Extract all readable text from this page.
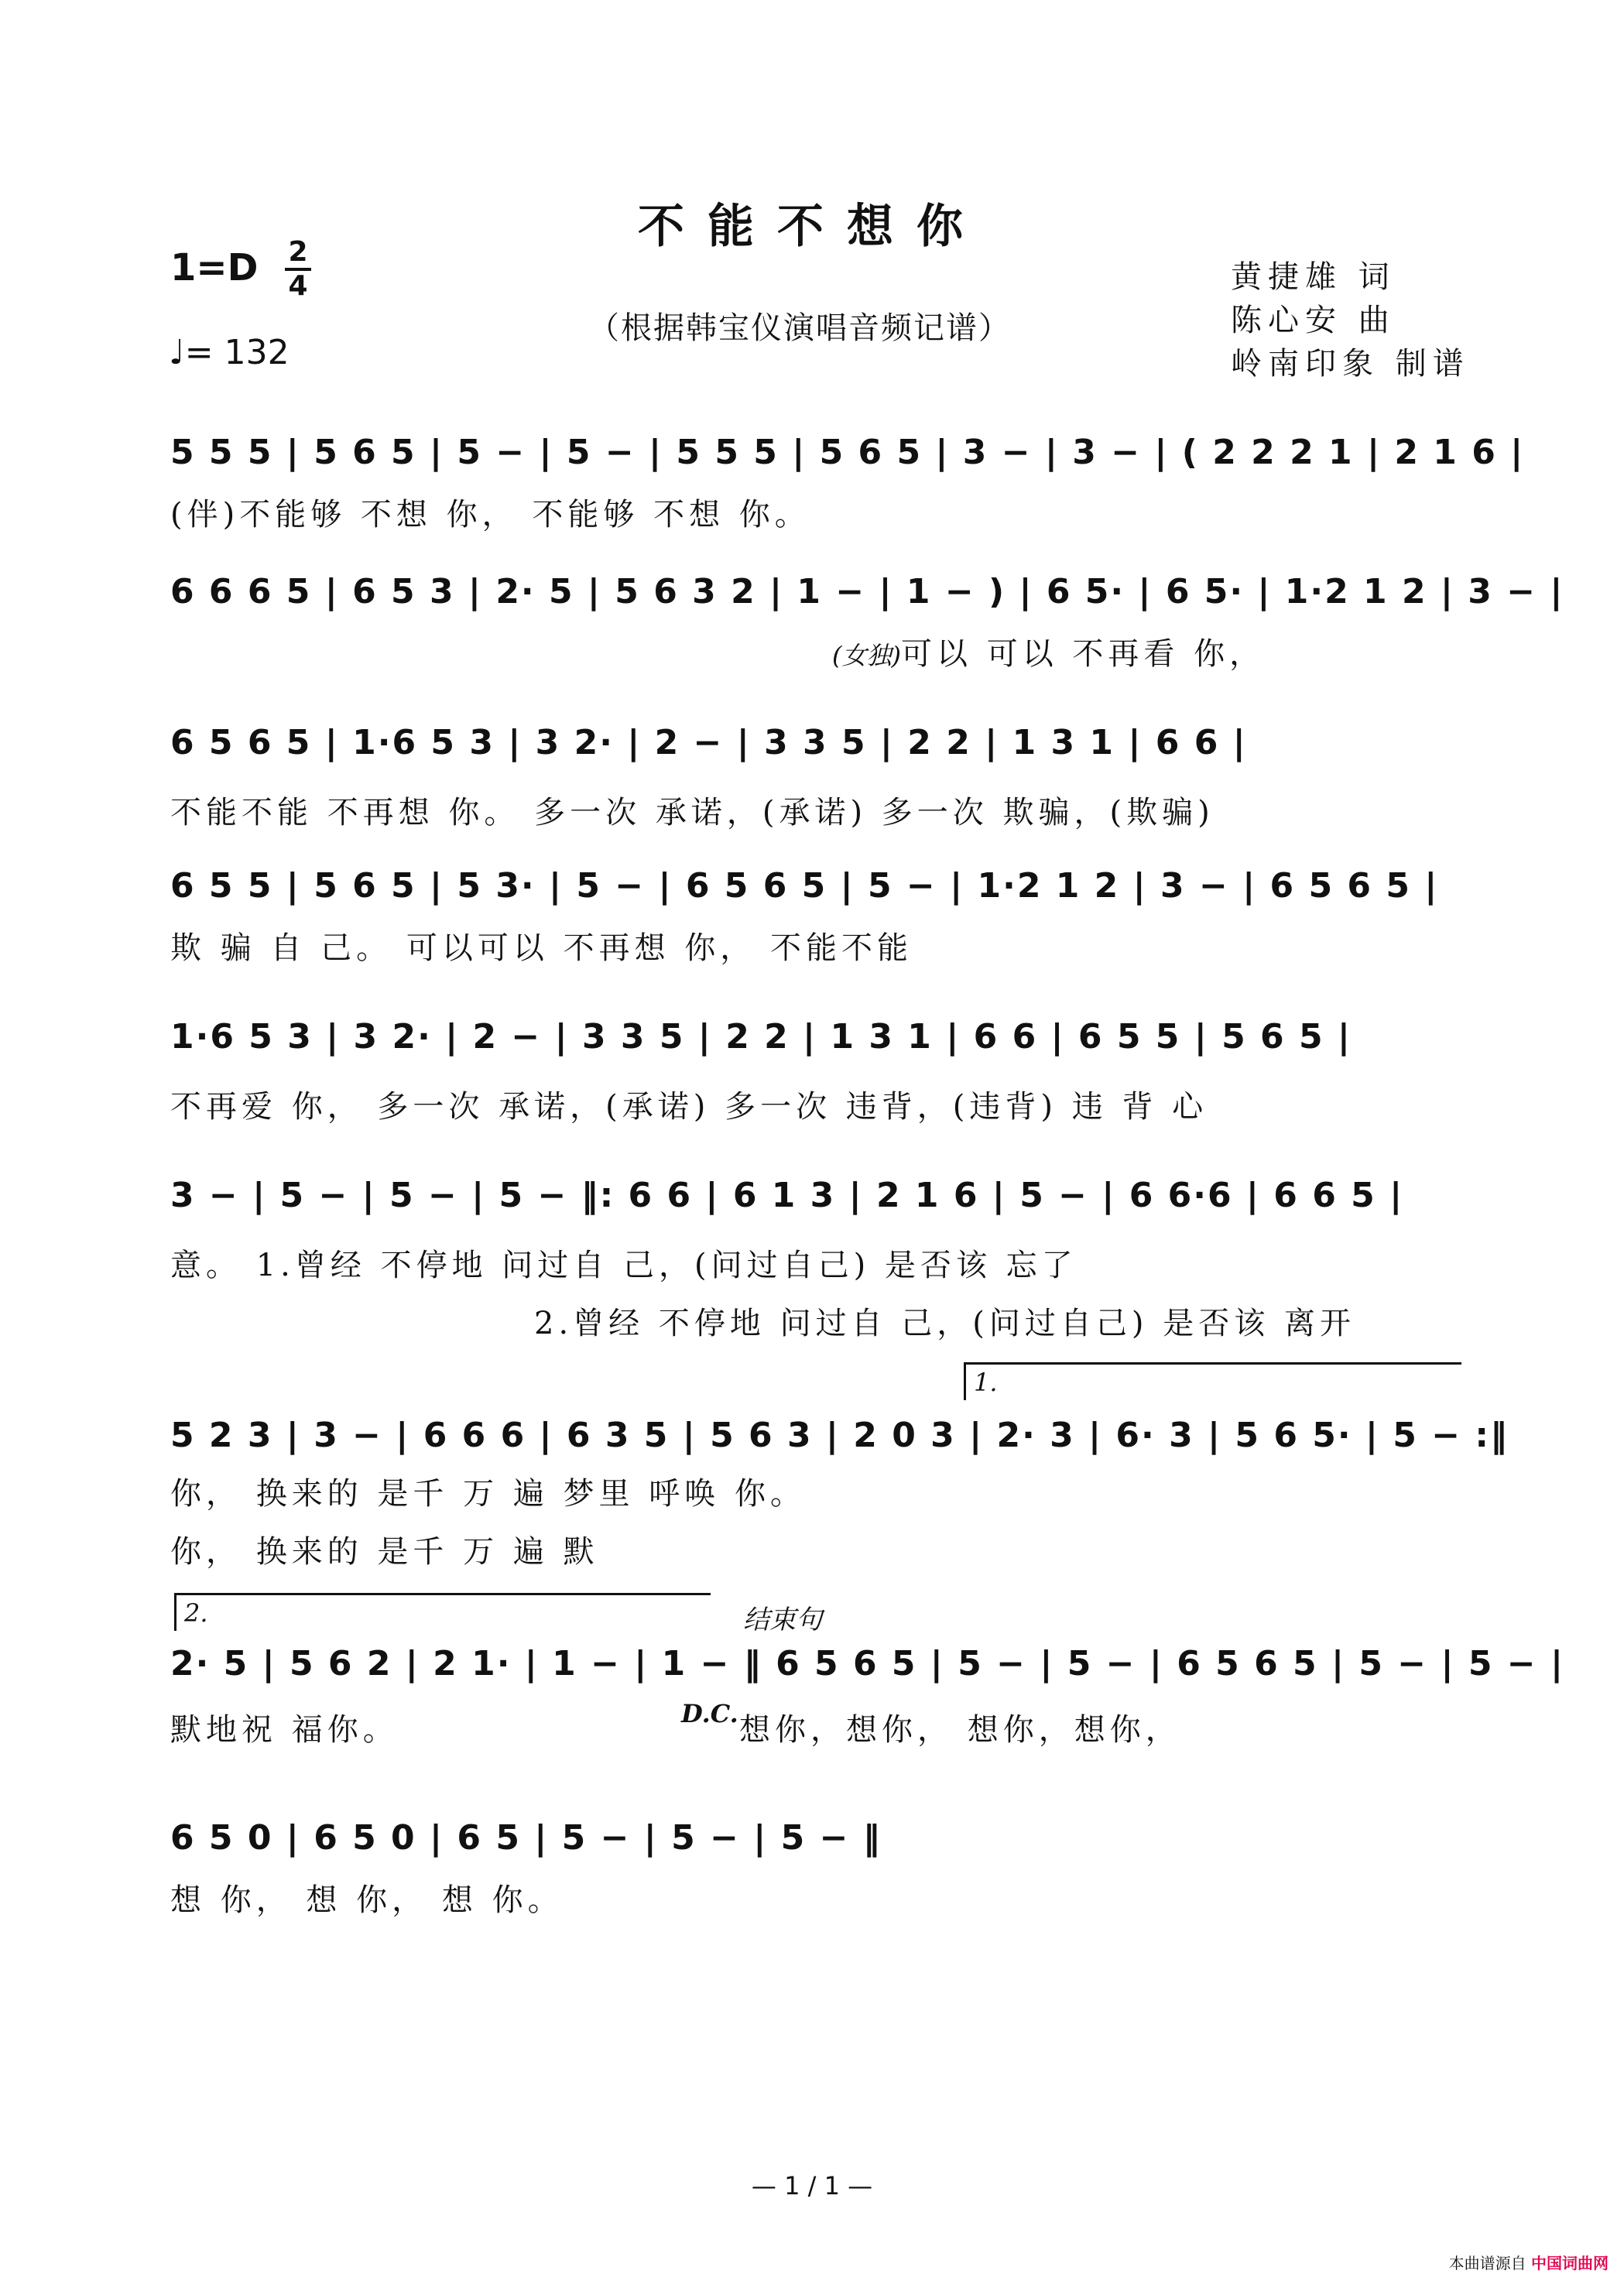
不能不想你
1=D 2
4
♩= 132
（根据韩宝仪演唱音频记谱）
黄捷雄 词
陈心安 曲
岭南印象 制谱
5 5 5 | 5 6 5 | 5 − | 5 − | 5 5 5 | 5 6 5 | 3 − | 3 − | ( 2 2 2 1 | 2 1 6 |
(伴)不能够 不想 你， 不能够 不想 你。
6 6 6 5 | 6 5 3 | 2· 5 | 5 6 3 2 | 1 − | 1 − ) | 6 5· | 6 5· | 1·2 1 2 | 3 − |
(女独)可以 可以 不再看 你，
6 5 6 5 | 1·6 5 3 | 3 2· | 2 − | 3 3 5 | 2 2 | 1 3 1 | 6 6 |
不能不能 不再想 你。 多一次 承诺，(承诺) 多一次 欺骗，(欺骗)
6 5 5 | 5 6 5 | 5 3· | 5 − | 6 5 6 5 | 5 − | 1·2 1 2 | 3 − | 6 5 6 5 |
欺 骗 自 己。 可以可以 不再想 你， 不能不能
1·6 5 3 | 3 2· | 2 − | 3 3 5 | 2 2 | 1 3 1 | 6 6 | 6 5 5 | 5 6 5 |
不再爱 你， 多一次 承诺，(承诺) 多一次 违背，(违背) 违 背 心
3 − | 5 − | 5 − | 5 − ‖: 6 6 | 6 1 3 | 2 1 6 | 5 − | 6 6·6 | 6 6 5 |
意。 1.曾经 不停地 问过自 己，(问过自己) 是否该 忘了
2.曾经 不停地 问过自 己，(问过自己) 是否该 离开
1.
5 2 3 | 3 − | 6 6 6 | 6 3 5 | 5 6 3 | 2 0 3 | 2· 3 | 6· 3 | 5 6 5· | 5 − :‖
你， 换来的 是千 万 遍 梦里 呼唤 你。
你， 换来的 是千 万 遍 默
2.	结束句
2· 5 | 5 6 2 | 2 1· | 1 − | 1 − ‖ 6 5 6 5 | 5 − | 5 − | 6 5 6 5 | 5 − | 5 − |
默地祝 福你。	D.C. 想你，想你， 想你，想你，
6 5 0 | 6 5 0 | 6 5 | 5 − | 5 − | 5 − ‖
想 你， 想 你， 想 你。
— 1 / 1 —
本曲谱源自 中国词曲网
